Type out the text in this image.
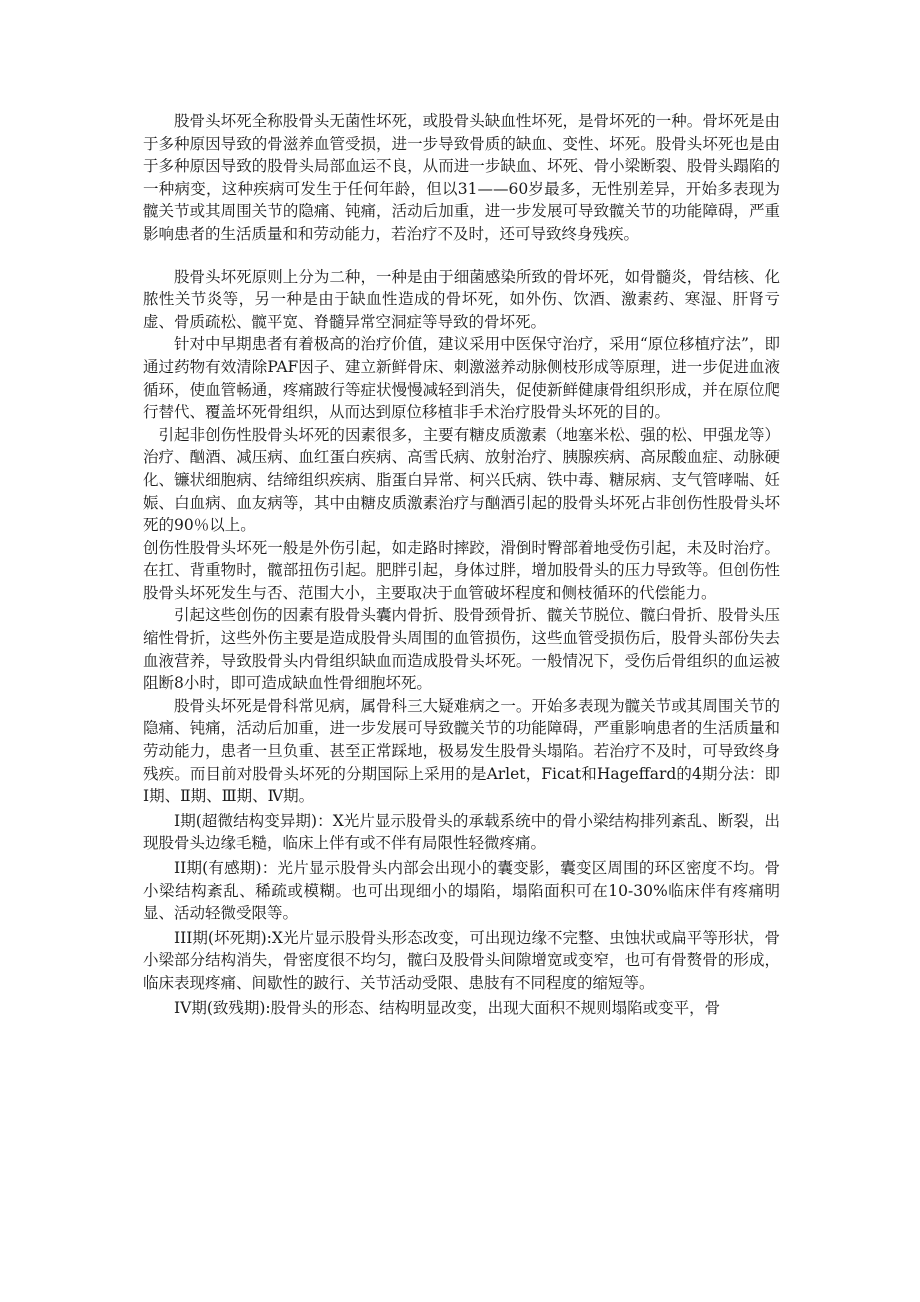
股骨头坏死全称股骨头无菌性坏死，或股骨头缺血性坏死，是骨坏死的一种。骨坏死是由于多种原因导致的骨滋养血管受损，进一步导致骨质的缺血、变性、坏死。股骨头坏死也是由于多种原因导致的股骨头局部血运不良，从而进一步缺血、坏死、骨小梁断裂、股骨头蹋陷的一种病变，这种疾病可发生于任何年龄，但以31——60岁最多，无性别差异，开始多表现为髋关节或其周围关节的隐痛、钝痛，活动后加重，进一步发展可导致髋关节的功能障碍，严重影响患者的生活质量和和劳动能力，若治疗不及时，还可导致终身残疾。

股骨头坏死原则上分为二种，一种是由于细菌感染所致的骨坏死，如骨髓炎，骨结核、化脓性关节炎等，另一种是由于缺血性造成的骨坏死，如外伤、饮酒、激素药、寒湿、肝肾亏虚、骨质疏松、髋平宽、脊髓异常空洞症等导致的骨坏死。

针对中早期患者有着极高的治疗价值，建议采用中医保守治疗，采用“原位移植疗法”，即通过药物有效清除PAF因子、建立新鲜骨床、刺激滋养动脉侧枝形成等原理，进一步促进血液循环，使血管畅通，疼痛跛行等症状慢慢减轻到消失，促使新鲜健康骨组织形成，并在原位爬行替代、覆盖坏死骨组织，从而达到原位移植非手术治疗股骨头坏死的目的。

引起非创伤性股骨头坏死的因素很多，主要有糖皮质激素（地塞米松、强的松、甲强龙等）治疗、酗酒、减压病、血红蛋白疾病、高雪氏病、放射治疗、胰腺疾病、高尿酸血症、动脉硬化、镰状细胞病、结缔组织疾病、脂蛋白异常、柯兴氏病、铁中毒、糖尿病、支气管哮喘、妊娠、白血病、血友病等，其中由糖皮质激素治疗与酗酒引起的股骨头坏死占非创伤性股骨头坏死的90％以上。

创伤性股骨头坏死一般是外伤引起，如走路时摔跤，滑倒时臀部着地受伤引起，未及时治疗。在扛、背重物时，髋部扭伤引起。肥胖引起，身体过胖，增加股骨头的压力导致等。但创伤性股骨头坏死发生与否、范围大小，主要取决于血管破坏程度和侧枝循环的代偿能力。

引起这些创伤的因素有股骨头囊内骨折、股骨颈骨折、髋关节脱位、髋臼骨折、股骨头压缩性骨折，这些外伤主要是造成股骨头周围的血管损伤，这些血管受损伤后，股骨头部份失去血液营养，导致股骨头内骨组织缺血而造成股骨头坏死。一般情况下，受伤后骨组织的血运被阻断8小时，即可造成缺血性骨细胞坏死。

股骨头坏死是骨科常见病，属骨科三大疑难病之一。开始多表现为髋关节或其周围关节的隐痛、钝痛，活动后加重，进一步发展可导致髋关节的功能障碍，严重影响患者的生活质量和劳动能力，患者一旦负重、甚至正常踩地，极易发生股骨头塌陷。若治疗不及时，可导致终身残疾。而目前对股骨头坏死的分期国际上采用的是Arlet，Ficat和Hageffard的4期分法：即Ⅰ期、Ⅱ期、Ⅲ期、Ⅳ期。

I期(超微结构变异期)：X光片显示股骨头的承载系统中的骨小梁结构排列紊乱、断裂，出现股骨头边缘毛糙，临床上伴有或不伴有局限性轻微疼痛。

II期(有感期)：光片显示股骨头内部会出现小的囊变影，囊变区周围的环区密度不均。骨小梁结构紊乱、稀疏或模糊。也可出现细小的塌陷，塌陷面积可在10-30%临床伴有疼痛明显、活动轻微受限等。

III期(坏死期):X光片显示股骨头形态改变，可出现边缘不完整、虫蚀状或扁平等形状，骨小梁部分结构消失，骨密度很不均匀，髋臼及股骨头间隙增宽或变窄，也可有骨赘骨的形成，临床表现疼痛、间歇性的跛行、关节活动受限、患肢有不同程度的缩短等。

IV期(致残期):股骨头的形态、结构明显改变，出现大面积不规则塌陷或变平，骨
